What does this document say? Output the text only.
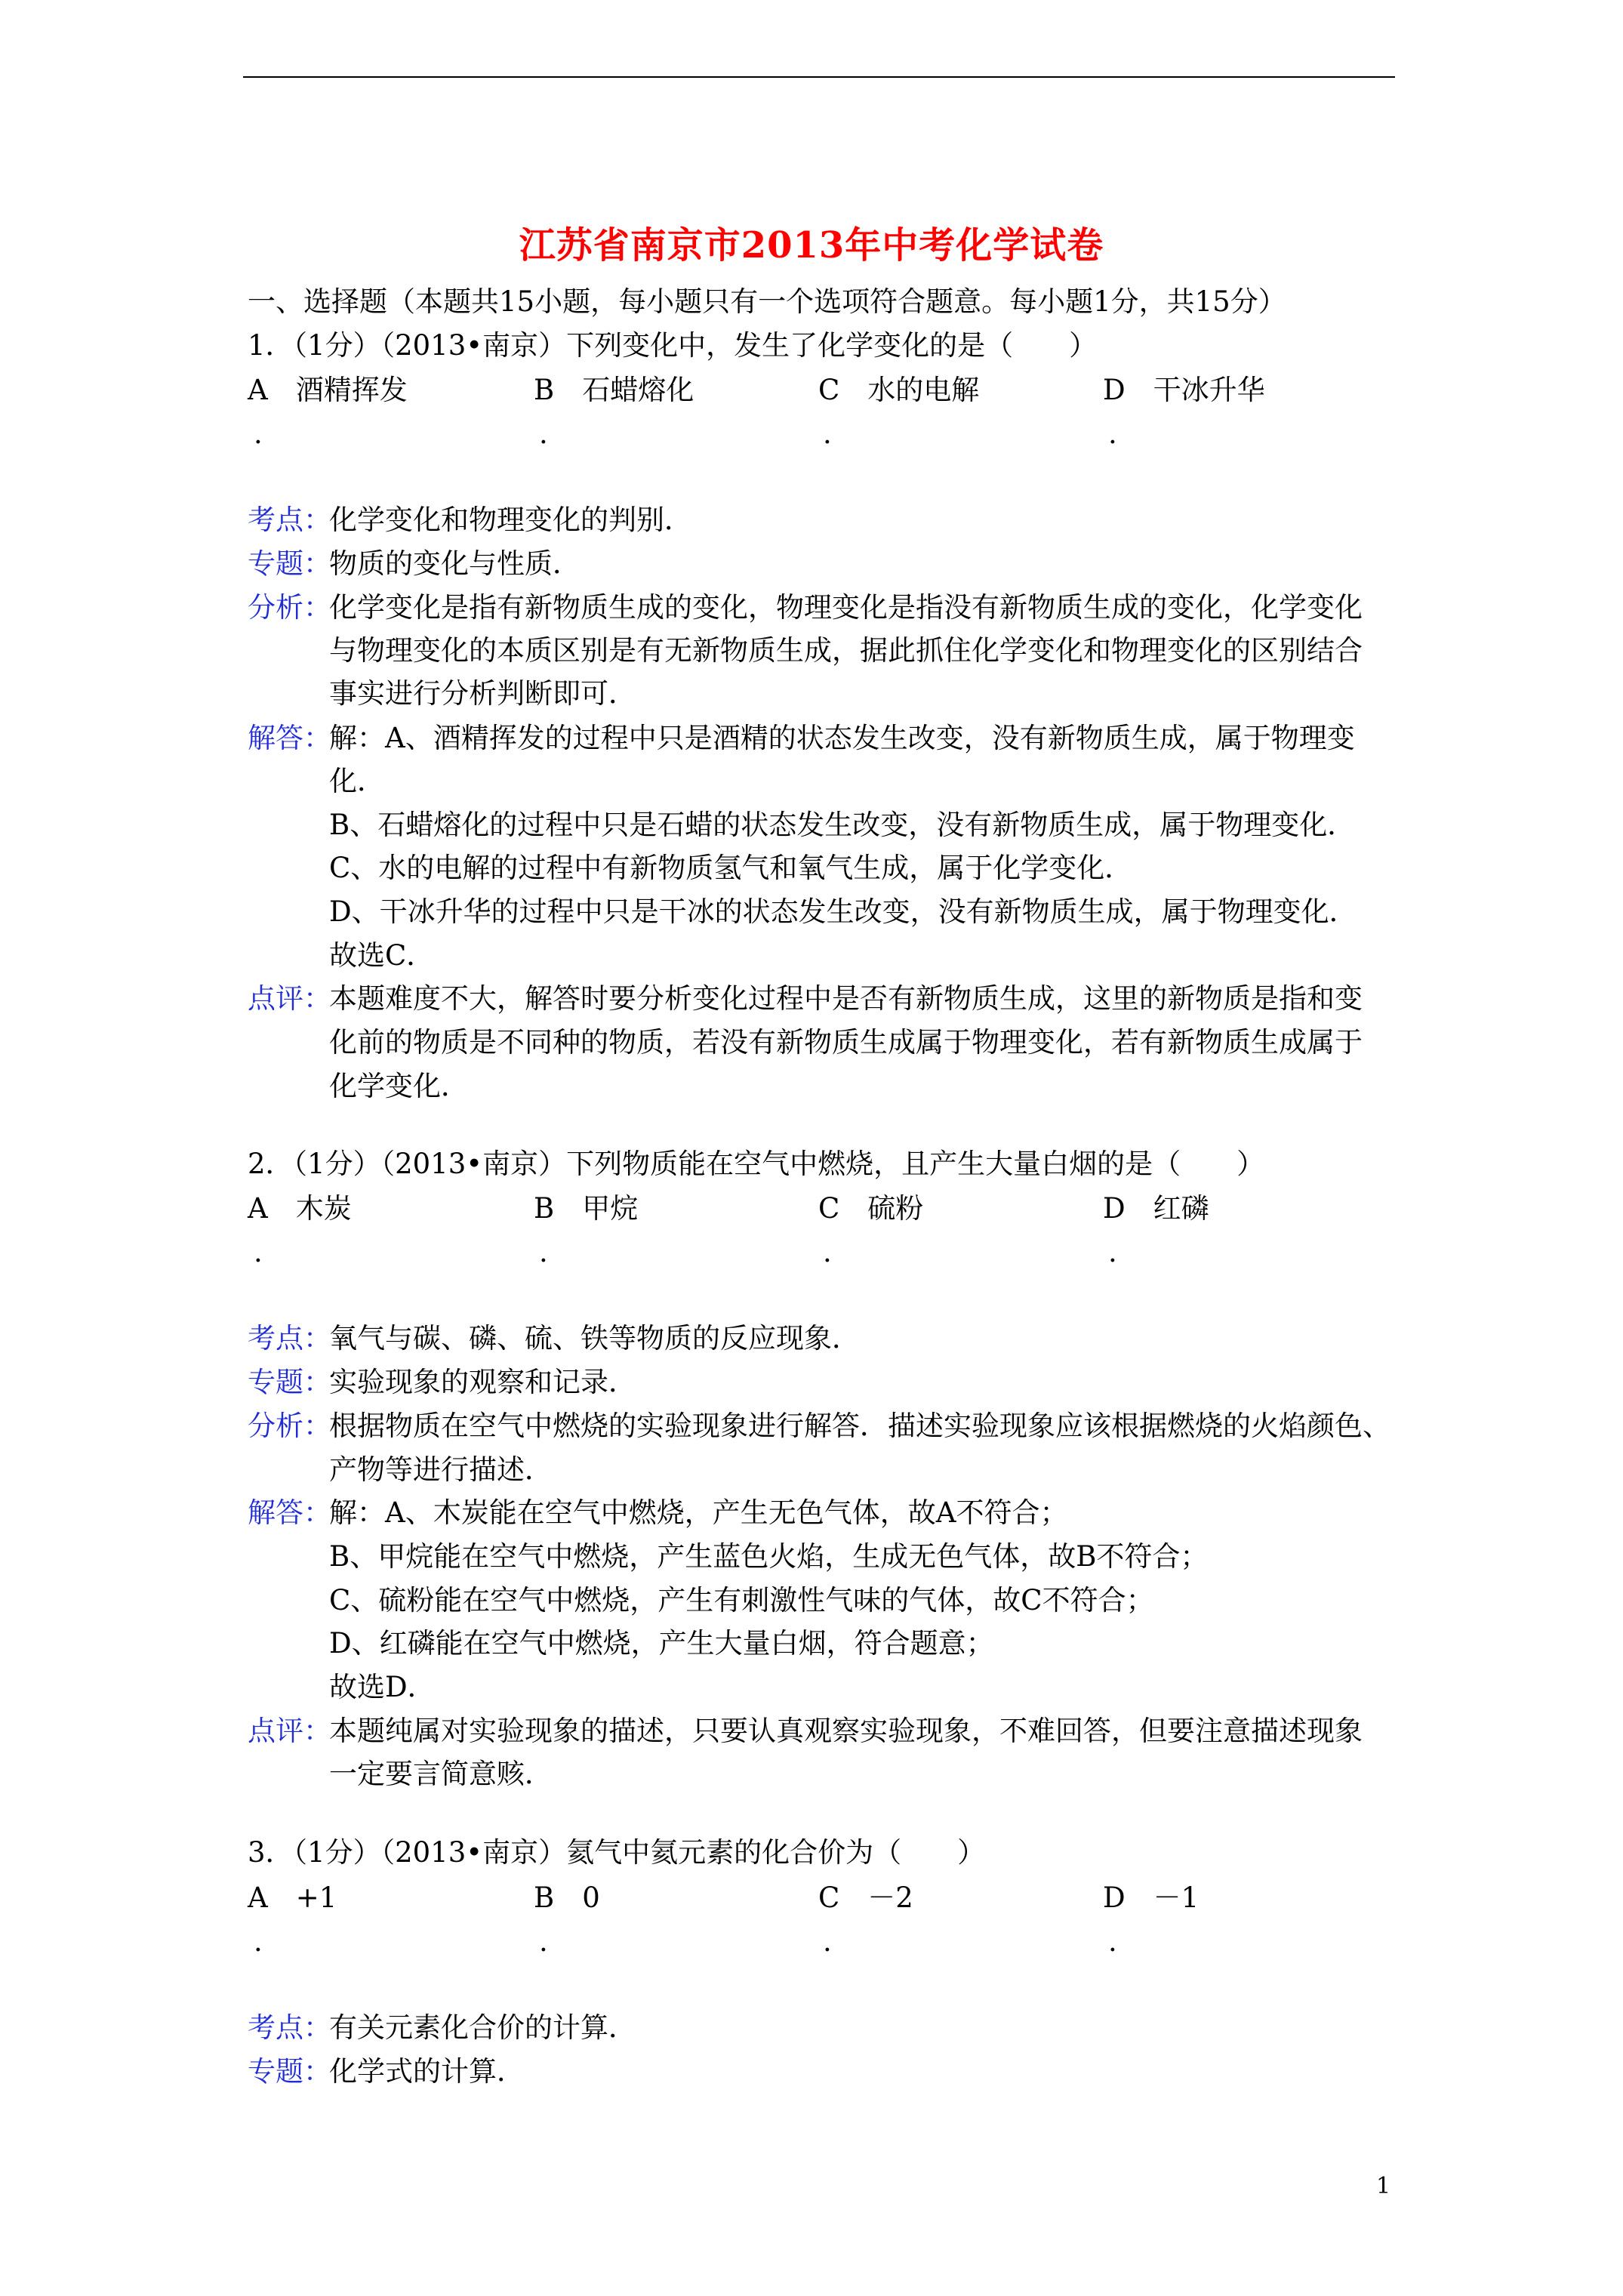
江苏省南京市2013年中考化学试卷
一、选择题（本题共15小题，每小题只有一个选项符合题意。每小题1分，共15分）
1．（1分）（2013•南京）下列变化中，发生了化学变化的是（　　）
A　酒精挥发	B　石蜡熔化	C　水的电解	D　干冰升华
.	.	.	.
考点：
化学变化和物理变化的判别．
专题：
物质的变化与性质．
分析：
化学变化是指有新物质生成的变化，物理变化是指没有新物质生成的变化，化学变化
与物理变化的本质区别是有无新物质生成，据此抓住化学变化和物理变化的区别结合
事实进行分析判断即可．
解答：
解：A、酒精挥发的过程中只是酒精的状态发生改变，没有新物质生成，属于物理变
化．
B、石蜡熔化的过程中只是石蜡的状态发生改变，没有新物质生成，属于物理变化．
C、水的电解的过程中有新物质氢气和氧气生成，属于化学变化．
D、干冰升华的过程中只是干冰的状态发生改变，没有新物质生成，属于物理变化．
故选C．
点评：
本题难度不大，解答时要分析变化过程中是否有新物质生成，这里的新物质是指和变
化前的物质是不同种的物质，若没有新物质生成属于物理变化，若有新物质生成属于
化学变化．
2．（1分）（2013•南京）下列物质能在空气中燃烧，且产生大量白烟的是（　　）
A　木炭	B　甲烷	C　硫粉	D　红磷
.	.	.	.
考点：
氧气与碳、磷、硫、铁等物质的反应现象．
专题：
实验现象的观察和记录．
分析：
根据物质在空气中燃烧的实验现象进行解答．描述实验现象应该根据燃烧的火焰颜色、
产物等进行描述．
解答：
解：A、木炭能在空气中燃烧，产生无色气体，故A不符合；
B、甲烷能在空气中燃烧，产生蓝色火焰，生成无色气体，故B不符合；
C、硫粉能在空气中燃烧，产生有刺激性气味的气体，故C不符合；
D、红磷能在空气中燃烧，产生大量白烟，符合题意；
故选D．
点评：
本题纯属对实验现象的描述，只要认真观察实验现象，不难回答，但要注意描述现象
一定要言简意赅．
3．（1分）（2013•南京）氦气中氦元素的化合价为（　　）
A　+1	B　0	C　－2	D　－1
.	.	.	.
考点：
有关元素化合价的计算．
专题：
化学式的计算．
1
